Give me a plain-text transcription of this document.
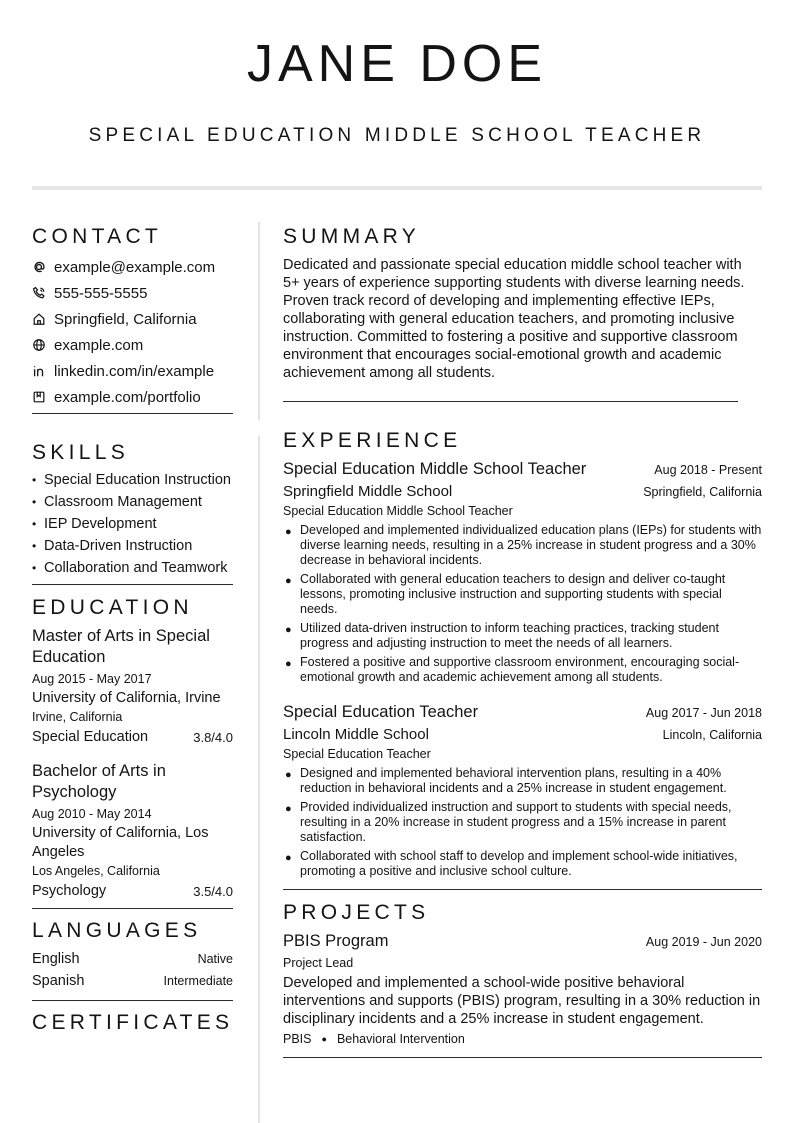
JANE DOE
SPECIAL EDUCATION MIDDLE SCHOOL TEACHER
CONTACT
example@example.com
555-555-5555
Springfield, California
example.com
linkedin.com/in/example
example.com/portfolio
SKILLS
• Special Education Instruction
• Classroom Management
• IEP Development
• Data-Driven Instruction
• Collaboration and Teamwork
EDUCATION
Master of Arts in Special Education
Aug 2015 - May 2017
University of California, Irvine
Irvine, California
Special Education	3.8/4.0
Bachelor of Arts in Psychology
Aug 2010 - May 2014
University of California, Los Angeles
Los Angeles, California
Psychology	3.5/4.0
LANGUAGES
English	Native
Spanish	Intermediate
CERTIFICATES
SUMMARY
Dedicated and passionate special education middle school teacher with 5+ years of experience supporting students with diverse learning needs. Proven track record of developing and implementing effective IEPs, collaborating with general education teachers, and promoting inclusive instruction. Committed to fostering a positive and supportive classroom environment that encourages social-emotional growth and academic achievement among all students.
EXPERIENCE
Special Education Middle School Teacher	Aug 2018 - Present
Springfield Middle School	Springfield, California
Special Education Middle School Teacher
● Developed and implemented individualized education plans (IEPs) for students with diverse learning needs, resulting in a 25% increase in student progress and a 30% decrease in behavioral incidents.
● Collaborated with general education teachers to design and deliver co-taught lessons, promoting inclusive instruction and supporting students with special needs.
● Utilized data-driven instruction to inform teaching practices, tracking student progress and adjusting instruction to meet the needs of all learners.
● Fostered a positive and supportive classroom environment, encouraging social-emotional growth and academic achievement among all students.
Special Education Teacher	Aug 2017 - Jun 2018
Lincoln Middle School	Lincoln, California
Special Education Teacher
● Designed and implemented behavioral intervention plans, resulting in a 40% reduction in behavioral incidents and a 25% increase in student engagement.
● Provided individualized instruction and support to students with special needs, resulting in a 20% increase in student progress and a 15% increase in parent satisfaction.
● Collaborated with school staff to develop and implement school-wide initiatives, promoting a positive and inclusive school culture.
PROJECTS
PBIS Program	Aug 2019 - Jun 2020
Project Lead
Developed and implemented a school-wide positive behavioral interventions and supports (PBIS) program, resulting in a 30% reduction in disciplinary incidents and a 25% increase in student engagement.
PBIS ● Behavioral Intervention
